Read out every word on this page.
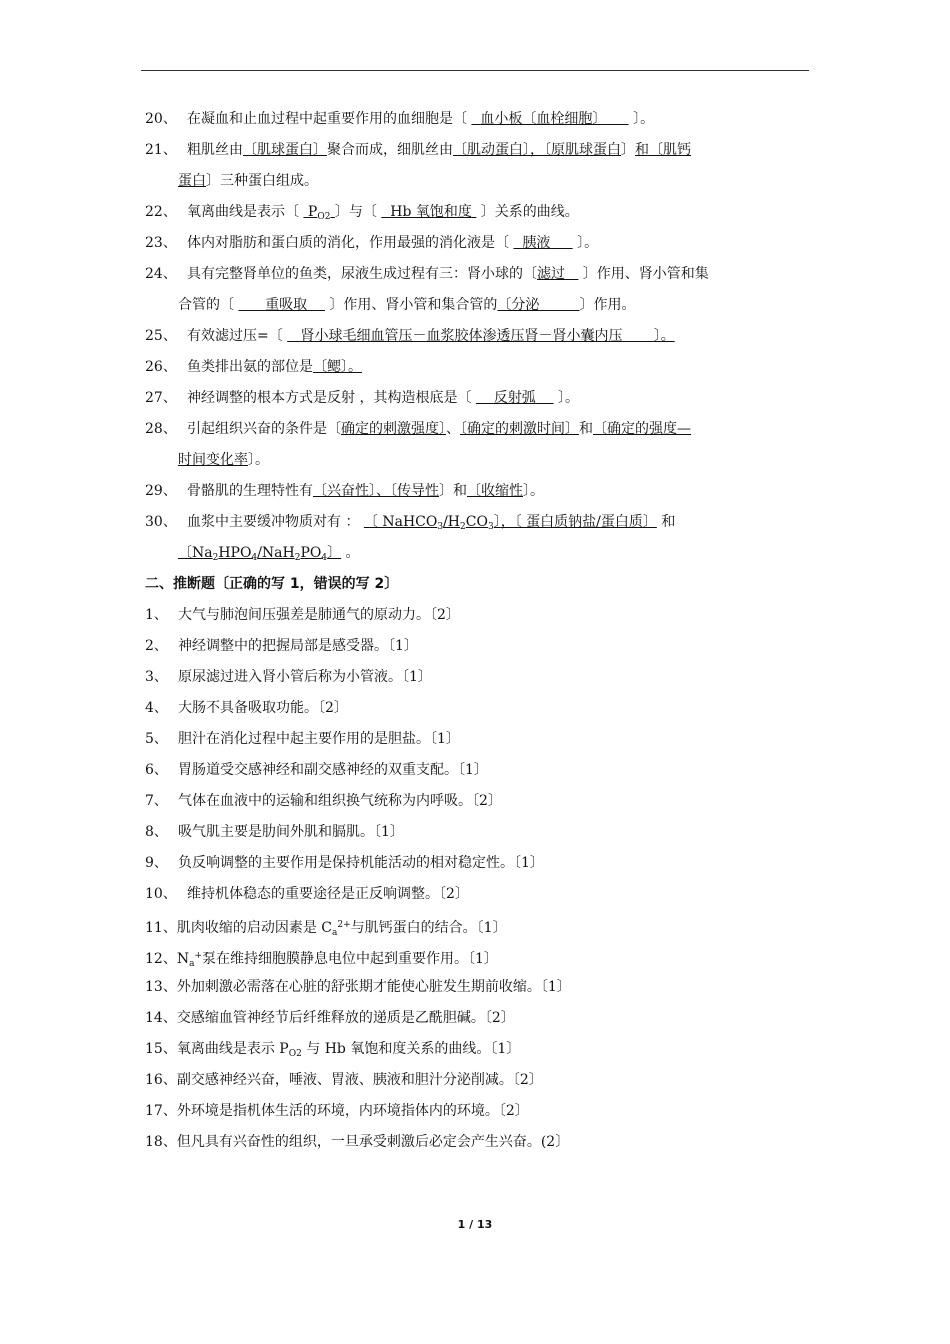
20、 在凝血和止血过程中起重要作用的血细胞是〔 血小板〔血栓细胞〕 〕。
21、 粗肌丝由〔肌球蛋白〕聚合而成，细肌丝由〔肌动蛋白〕，〔原肌球蛋白〕和〔肌钙
蛋白〕三种蛋白组成。
22、 氧离曲线是表示〔 $P_{O2}$ 〕与〔 Hb 氧饱和度 〕关系的曲线。
23、 体内对脂肪和蛋白质的消化，作用最强的消化液是〔 胰液 〕。
24、 具有完整肾单位的鱼类，尿液生成过程有三：肾小球的〔滤过 〕作用、肾小管和集
合管的〔 重吸取 〕作用、肾小管和集合管的〔分泌	〕作用。
25、 有效滤过压=〔 肾小球毛细血管压－血浆胶体渗透压肾－肾小囊内压 〕。
26、 鱼类排出氨的部位是〔鳃〕。
27、 神经调整的根本方式是反射 ，其构造根底是〔 反射弧 〕。
28、 引起组织兴奋的条件是〔确定的刺激强度〕、〔确定的刺激时间〕和〔确定的强度—
时间变化率〕。
29、 骨骼肌的生理特性有〔兴奋性〕、〔传导性〕和〔收缩性〕。
30、 血浆中主要缓冲物质对有 ： 〔 $NaHCO_3/H_2CO_3$〕，〔 蛋白质钠盐/蛋白质〕 和
〔$Na_2HPO_4/NaH_2PO_4$〕 。
二、推断题〔正确的写 1，错误的写 2〕
1、 大气与肺泡间压强差是肺通气的原动力。〔2〕
2、 神经调整中的把握局部是感受器。〔1〕
3、 原尿滤过进入肾小管后称为小管液。〔1〕
4、 大肠不具备吸取功能。〔2〕
5、 胆汁在消化过程中起主要作用的是胆盐。〔1〕
6、 胃肠道受交感神经和副交感神经的双重支配。〔1〕
7、 气体在血液中的运输和组织换气统称为内呼吸。〔2〕
8、 吸气肌主要是肋间外肌和膈肌。〔1〕
9、 负反响调整的主要作用是保持机能活动的相对稳定性。〔1〕
10、 维持机体稳态的重要途径是正反响调整。〔2〕
11、肌肉收缩的启动因素是 $C_a^{2+}$与肌钙蛋白的结合。〔1〕
12、$N_a^+$泵在维持细胞膜静息电位中起到重要作用。〔1〕
13、外加刺激必需落在心脏的舒张期才能使心脏发生期前收缩。〔1〕
14、交感缩血管神经节后纤维释放的递质是乙酰胆碱。〔2〕
15、氧离曲线是表示 $P_{O2}$ 与 Hb 氧饱和度关系的曲线。〔1〕
16、副交感神经兴奋，唾液、胃液、胰液和胆汁分泌削减。〔2〕
17、外环境是指机体生活的环境，内环境指体内的环境。〔2〕
18、但凡具有兴奋性的组织，一旦承受刺激后必定会产生兴奋。(2〕
1 / 13
